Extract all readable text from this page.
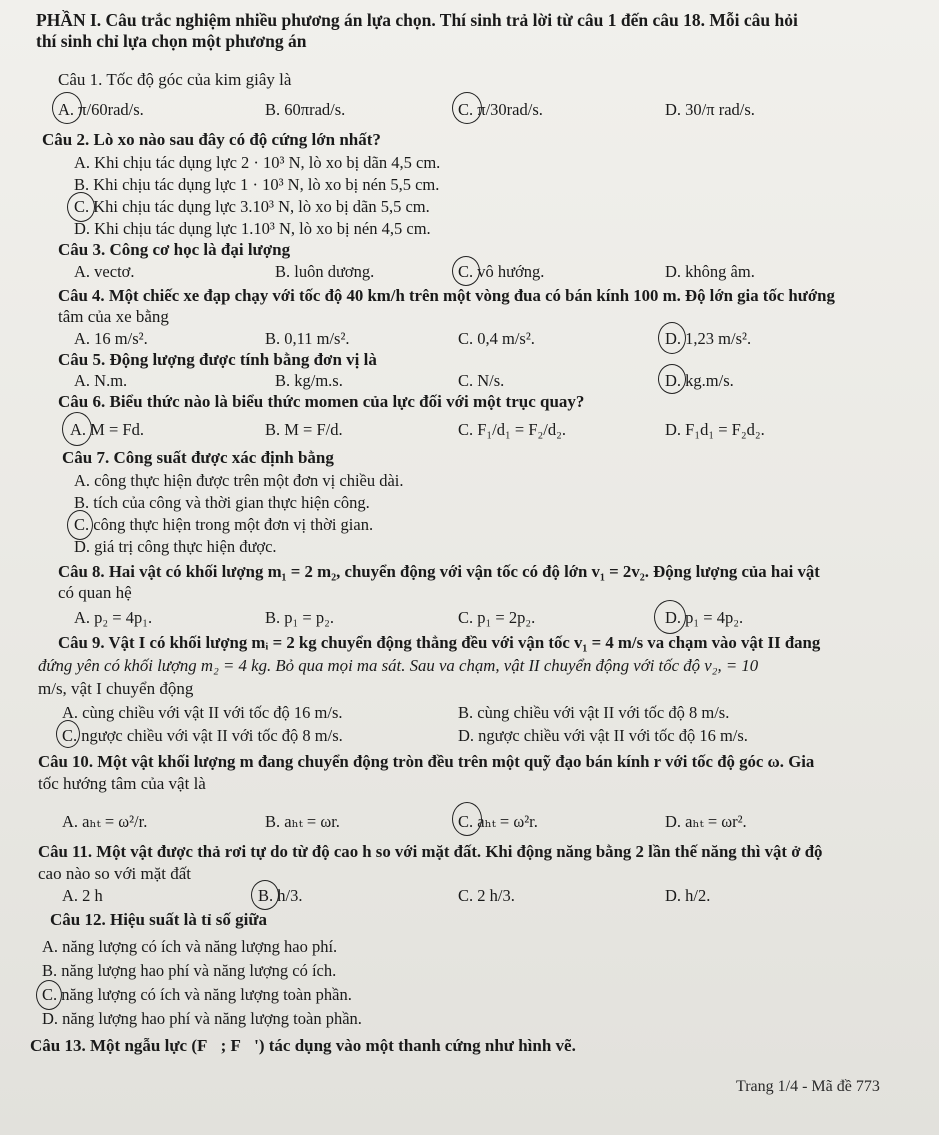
PHẦN I. Câu trắc nghiệm nhiều phương án lựa chọn. Thí sinh trả lời từ câu 1 đến câu 18. Mỗi câu hỏi
thí sinh chỉ lựa chọn một phương án
Câu 1. Tốc độ góc của kim giây là
A. π/60rad/s.	B. 60πrad/s.	C. π/30rad/s.	D. 30/π rad/s.
Câu 2. Lò xo nào sau đây có độ cứng lớn nhất?
A. Khi chịu tác dụng lực 2 · 10³ N, lò xo bị dãn 4,5 cm.
B. Khi chịu tác dụng lực 1 · 10³ N, lò xo bị nén 5,5 cm.
C. Khi chịu tác dụng lực 3.10³ N, lò xo bị dãn 5,5 cm.
D. Khi chịu tác dụng lực 1.10³ N, lò xo bị nén 4,5 cm.
Câu 3. Công cơ học là đại lượng
A. vectơ.	B. luôn dương.	C. vô hướng.	D. không âm.
Câu 4. Một chiếc xe đạp chạy với tốc độ 40 km/h trên một vòng đua có bán kính 100 m. Độ lớn gia tốc hướng
tâm của xe bằng
A. 16 m/s².	B. 0,11 m/s².	C. 0,4 m/s².	D. 1,23 m/s².
Câu 5. Động lượng được tính bằng đơn vị là
A. N.m.	B. kg/m.s.	C. N/s.	D. kg.m/s.
Câu 6. Biểu thức nào là biểu thức momen của lực đối với một trục quay?
A. M = Fd.	B. M = F/d.	C. F₁/d₁ = F₂/d₂.	D. F₁d₁ = F₂d₂.
Câu 7. Công suất được xác định bằng
A. công thực hiện được trên một đơn vị chiều dài.
B. tích của công và thời gian thực hiện công.
C. công thực hiện trong một đơn vị thời gian.
D. giá trị công thực hiện được.
Câu 8. Hai vật có khối lượng m₁ = 2 m₂, chuyển động với vận tốc có độ lớn v₁ = 2v₂. Động lượng của hai vật
có quan hệ
A. p₂ = 4p₁.	B. p₁ = p₂.	C. p₁ = 2p₂.	D. p₁ = 4p₂.
Câu 9. Vật I có khối lượng mᵢ = 2 kg chuyển động thẳng đều với vận tốc v₁ = 4 m/s va chạm vào vật II đang
đứng yên có khối lượng m₂ = 4 kg. Bỏ qua mọi ma sát. Sau va chạm, vật II chuyển động với tốc độ v₂, = 10
m/s, vật I chuyển động
A. cùng chiều với vật II với tốc độ 16 m/s.	B. cùng chiều với vật II với tốc độ 8 m/s.
C. ngược chiều với vật II với tốc độ 8 m/s.	D. ngược chiều với vật II với tốc độ 16 m/s.
Câu 10. Một vật khối lượng m đang chuyển động tròn đều trên một quỹ đạo bán kính r với tốc độ góc ω. Gia
tốc hướng tâm của vật là
A. aₕₜ = ω²/r.	B. aₕₜ = ωr.	C. aₕₜ = ω²r.	D. aₕₜ = ωr².
Câu 11. Một vật được thả rơi tự do từ độ cao h so với mặt đất. Khi động năng bằng 2 lần thế năng thì vật ở độ
cao nào so với mặt đất
A. 2 h	B. h/3.	C. 2 h/3.	D. h/2.
Câu 12. Hiệu suất là tỉ số giữa
A. năng lượng có ích và năng lượng hao phí.
B. năng lượng hao phí và năng lượng có ích.
C. năng lượng có ích và năng lượng toàn phần.
D. năng lượng hao phí và năng lượng toàn phần.
Câu 13. Một ngẫu lực (F⃗; F⃗') tác dụng vào một thanh cứng như hình vẽ.
Trang 1/4 - Mã đề 773
